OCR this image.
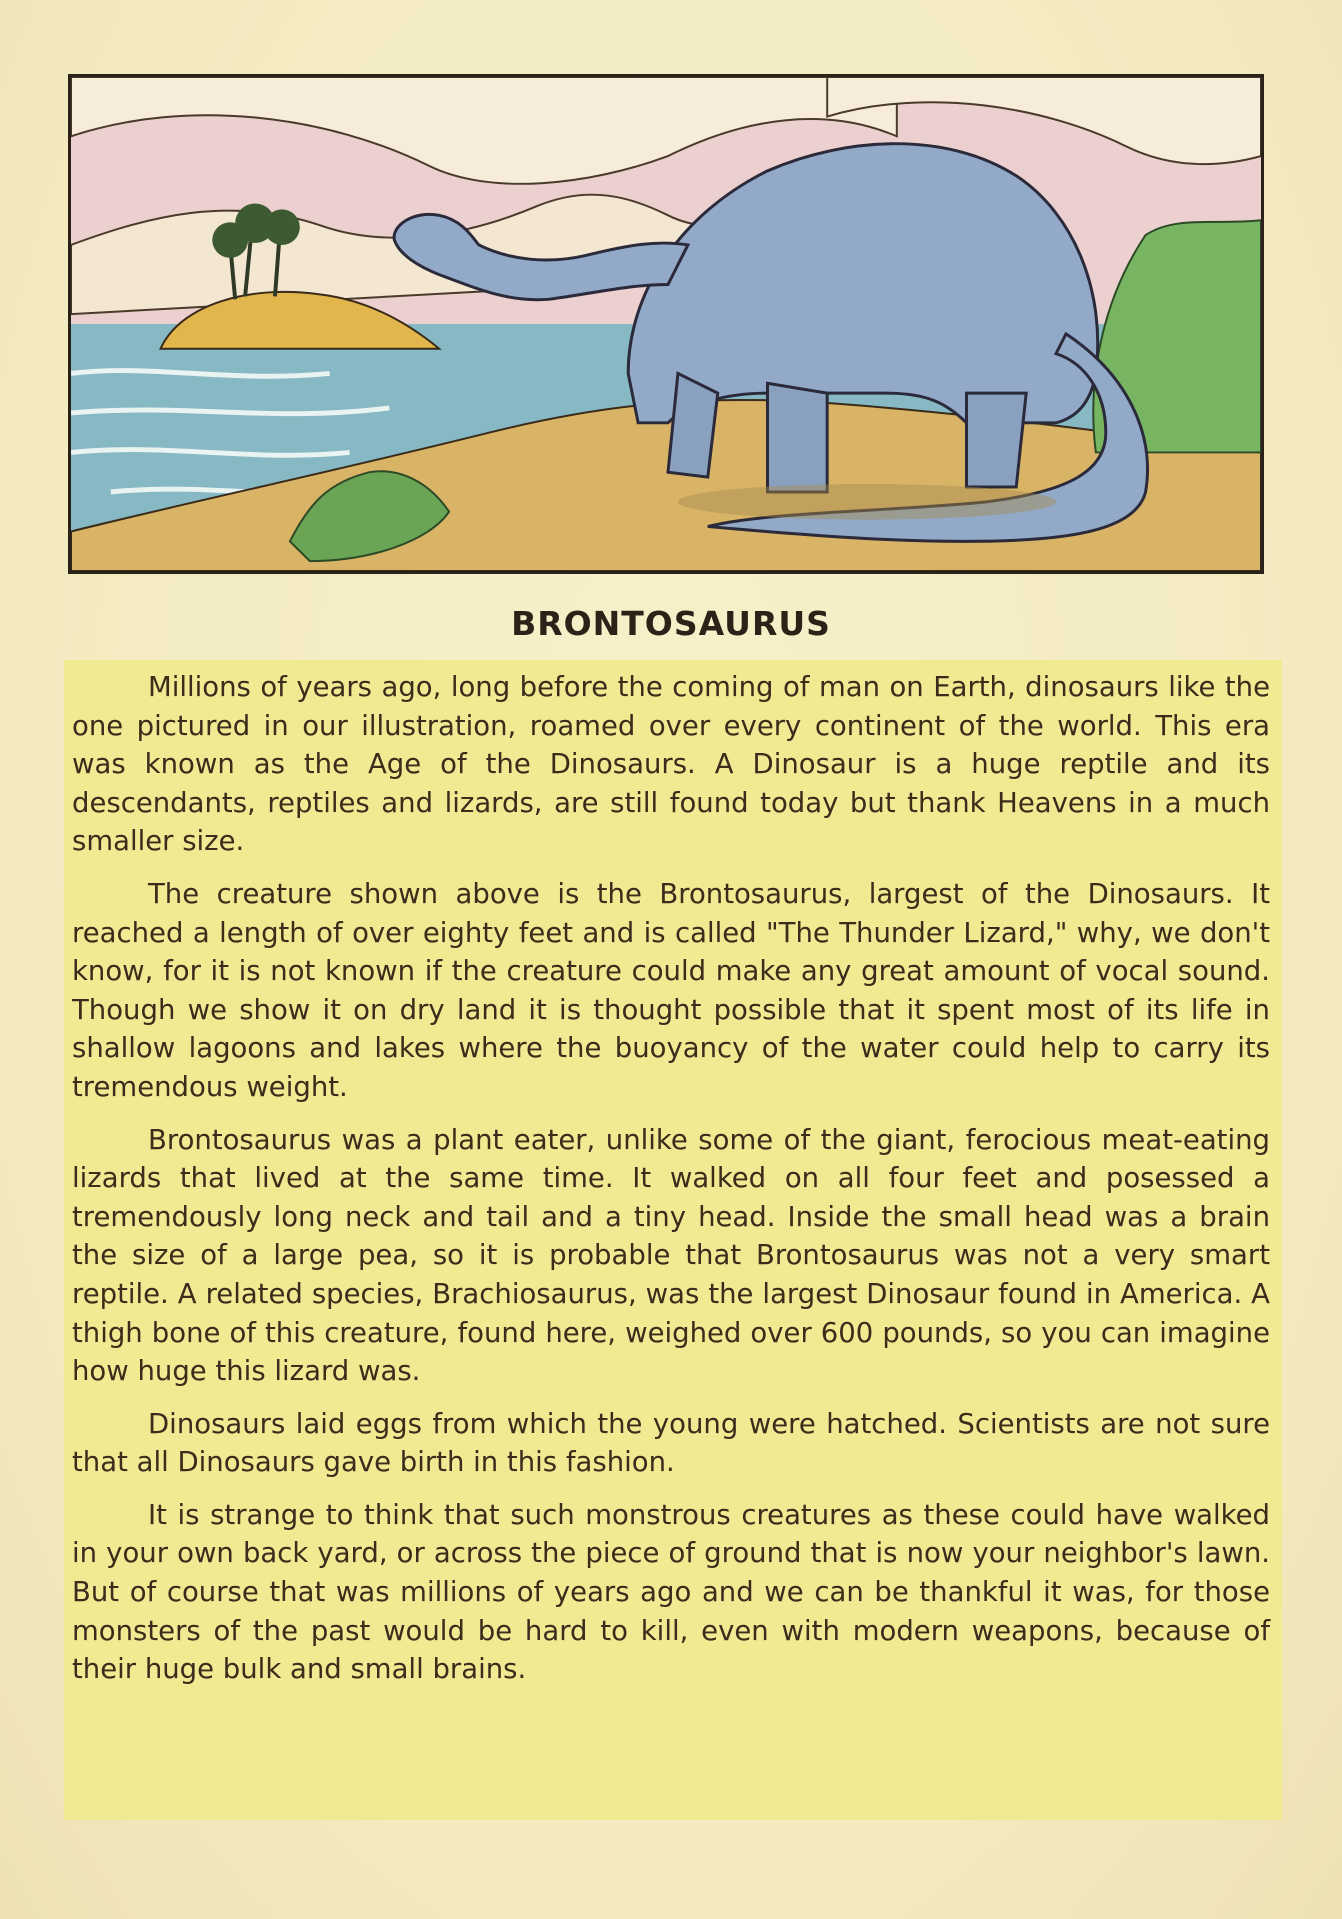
BRONTOSAURUS

Millions of years ago, long before the coming of man on Earth, dinosaurs like the one pictured in our illustration, roamed over every continent of the world. This era was known as the Age of the Dinosaurs. A Dinosaur is a huge reptile and its descendants, reptiles and lizards, are still found today but thank Heavens in a much smaller size.

The creature shown above is the Brontosaurus, largest of the Dinosaurs. It reached a length of over eighty feet and is called "The Thunder Lizard," why, we don't know, for it is not known if the creature could make any great amount of vocal sound. Though we show it on dry land it is thought possible that it spent most of its life in shallow lagoons and lakes where the buoyancy of the water could help to carry its tremendous weight.

Brontosaurus was a plant eater, unlike some of the giant, ferocious meat-eating lizards that lived at the same time. It walked on all four feet and posessed a tremendously long neck and tail and a tiny head. Inside the small head was a brain the size of a large pea, so it is probable that Brontosaurus was not a very smart reptile. A related species, Brachiosaurus, was the largest Dinosaur found in America. A thigh bone of this creature, found here, weighed over 600 pounds, so you can imagine how huge this lizard was.

Dinosaurs laid eggs from which the young were hatched. Scientists are not sure that all Dinosaurs gave birth in this fashion.

It is strange to think that such monstrous creatures as these could have walked in your own back yard, or across the piece of ground that is now your neighbor's lawn. But of course that was millions of years ago and we can be thankful it was, for those monsters of the past would be hard to kill, even with modern weapons, because of their huge bulk and small brains.
